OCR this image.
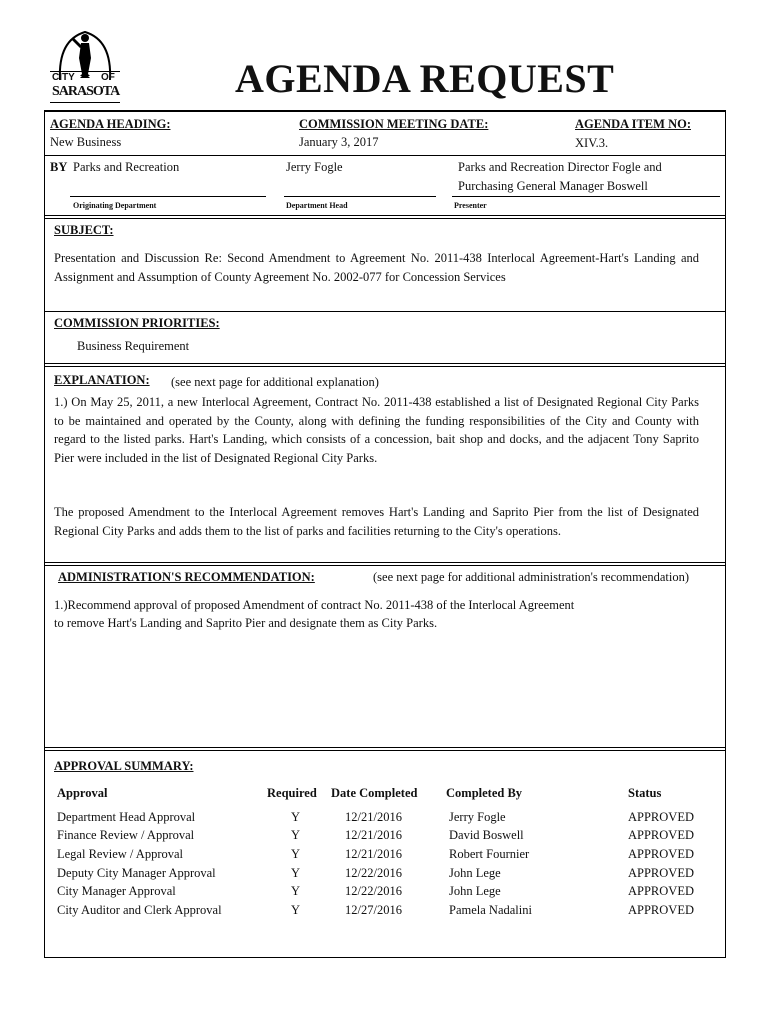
CITY	OF
SARASOTA	AGENDA REQUEST
AGENDA HEADING:
New Business
COMMISSION MEETING DATE:
January 3, 2017
AGENDA ITEM NO:
XIV.3.
BY Parks and Recreation	Jerry Fogle	Parks and Recreation Director Fogle and
Purchasing General Manager Boswell
Originating Department	Department Head	Presenter
SUBJECT:
Presentation and Discussion Re: Second Amendment to Agreement No. 2011-438 Interlocal Agreement-Hart's Landing and Assignment and Assumption of County Agreement No. 2002-077 for Concession Services
COMMISSION PRIORITIES:
Business Requirement
EXPLANATION: (see next page for additional explanation)
1.) On May 25, 2011, a new Interlocal Agreement, Contract No. 2011-438 established a list of Designated Regional City Parks to be maintained and operated by the County, along with defining the funding responsibilities of the City and County with regard to the listed parks. Hart's Landing, which consists of a concession, bait shop and docks, and the adjacent Tony Saprito Pier were included in the list of Designated Regional City Parks.
The proposed Amendment to the Interlocal Agreement removes Hart's Landing and Saprito Pier from the list of Designated Regional City Parks and adds them to the list of parks and facilities returning to the City's operations.
ADMINISTRATION'S RECOMMENDATION:	(see next page for additional administration's recommendation)
1.)Recommend approval of proposed Amendment of contract No. 2011-438 of the Interlocal Agreement
to remove Hart's Landing and Saprito Pier and designate them as City Parks.
APPROVAL SUMMARY:
Approval	Required	Date Completed	Completed By	Status
Department Head Approval	Y	12/21/2016	Jerry Fogle	APPROVED
Finance Review / Approval	Y	12/21/2016	David Boswell	APPROVED
Legal Review / Approval	Y	12/21/2016	Robert Fournier	APPROVED
Deputy City Manager Approval	Y	12/22/2016	John Lege	APPROVED
City Manager Approval	Y	12/22/2016	John Lege	APPROVED
City Auditor and Clerk Approval	Y	12/27/2016	Pamela Nadalini	APPROVED
